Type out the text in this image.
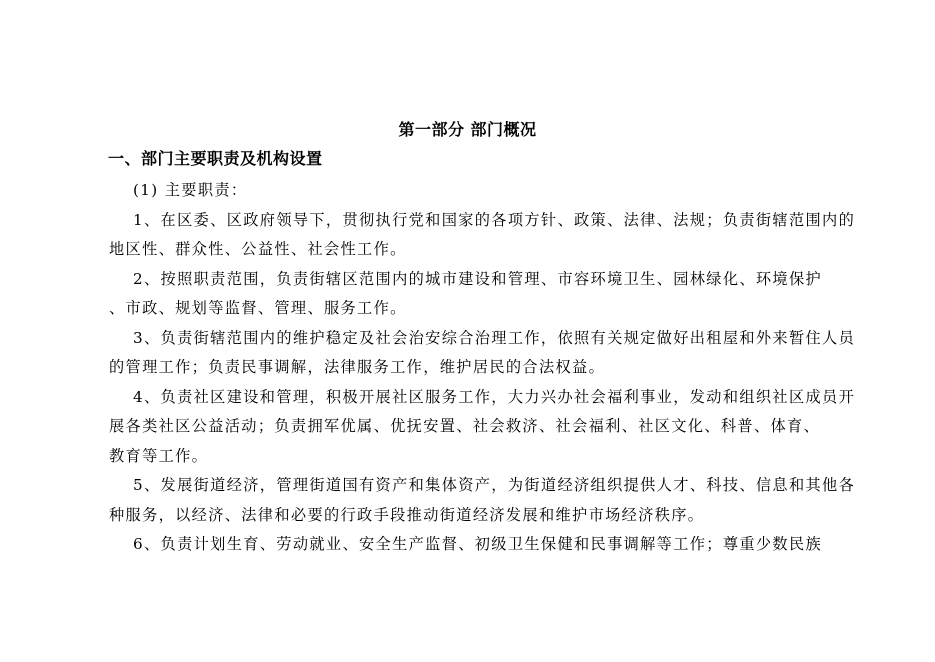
第一部分 部门概况
一、部门主要职责及机构设置
(1) 主要职责：
1、在区委、区政府领导下，贯彻执行党和国家的各项方针、政策、法律、法规；负责街辖范围内的
地区性、群众性、公益性、社会性工作。
2、按照职责范围，负责街辖区范围内的城市建设和管理、市容环境卫生、园林绿化、环境保护
、市政、规划等监督、管理、服务工作。
3、负责街辖范围内的维护稳定及社会治安综合治理工作，依照有关规定做好出租屋和外来暂住人员
的管理工作；负责民事调解，法律服务工作，维护居民的合法权益。
4、负责社区建设和管理，积极开展社区服务工作，大力兴办社会福利事业，发动和组织社区成员开
展各类社区公益活动；负责拥军优属、优抚安置、社会救济、社会福利、社区文化、科普、体育、
教育等工作。
5、发展街道经济，管理街道国有资产和集体资产，为街道经济组织提供人才、科技、信息和其他各
种服务，以经济、法律和必要的行政手段推动街道经济发展和维护市场经济秩序。
6、负责计划生育、劳动就业、安全生产监督、初级卫生保健和民事调解等工作；尊重少数民族
